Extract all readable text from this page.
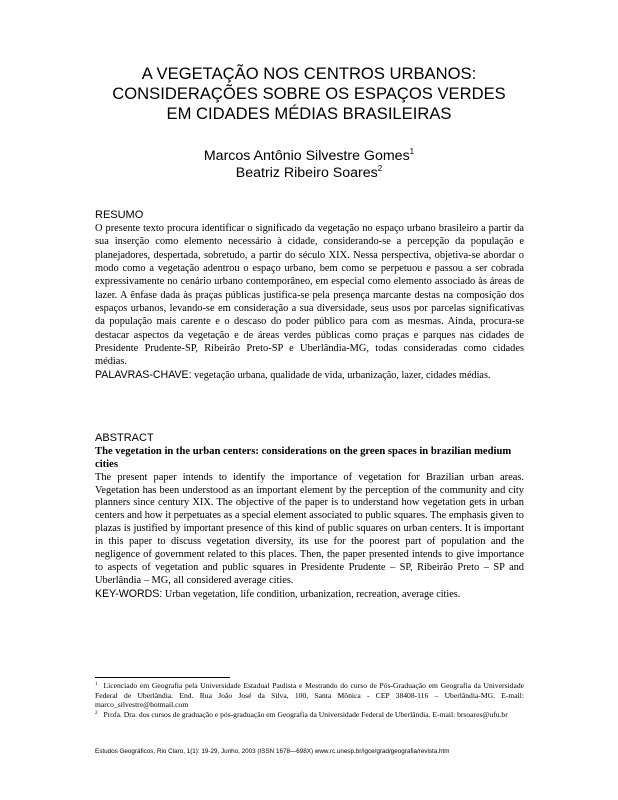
A VEGETAÇÃO NOS CENTROS URBANOS:
CONSIDERAÇÕES SOBRE OS ESPAÇOS VERDES
EM CIDADES MÉDIAS BRASILEIRAS
Marcos Antônio Silvestre Gomes$^1$
Beatriz Ribeiro Soares$^2$
RESUMO
O presente texto procura identificar o significado da vegetação no espaço urbano brasileiro a partir da sua inserção como elemento necessário à cidade, considerando-se a percepção da população e planejadores, despertada, sobretudo, a partir do século XIX. Nessa perspectiva, objetiva-se abordar o modo como a vegetação adentrou o espaço urbano, bem como se perpetuou e passou a ser cobrada expressivamente no cenário urbano contemporâneo, em especial como elemento associado às áreas de lazer. A ênfase dada às praças públicas justifica-se pela presença marcante destas na composição dos espaços urbanos, levando-se em consideração a sua diversidade, seus usos por parcelas significativas da população mais carente e o descaso do poder público para com as mesmas. Ainda, procura-se destacar aspectos da vegetação e de áreas verdes públicas como praças e parques nas cidades de Presidente Prudente-SP, Ribeirão Preto-SP e Uberlândia-MG, todas consideradas como cidades médias.
PALAVRAS-CHAVE: vegetação urbana, qualidade de vida, urbanização, lazer, cidades médias.
ABSTRACT
The vegetation in the urban centers: considerations on the green spaces in brazilian medium cities
The present paper intends to identify the importance of vegetation for Brazilian urban areas. Vegetation has been understood as an important element by the perception of the community and city planners since century XIX. The objective of the paper is to understand how vegetation gets in urban centers and how it perpetuates as a special element associated to public squares. The emphasis given to plazas is justified by important presence of this kind of public squares on urban centers. It is important in this paper to discuss vegetation diversity, its use for the poorest part of population and the negligence of government related to this places. Then, the paper presented intends to give importance to aspects of vegetation and public squares in Presidente Prudente – SP, Ribeirão Preto – SP and Uberlândia – MG, all considered average cities.
KEY-WORDS: Urban vegetation, life condition, urbanization, recreation, average cities.
$^1$ Licenciado em Geografia pela Universidade Estadual Paulista e Mestrando do curso de Pós-Graduação em Geografia da Universidade Federal de Uberlândia. End. Rua João José da Silva, 100, Santa Mônica - CEP 38408-116 – Uberlândia-MG. E-mail: marco_silvestre@hotmail.com
$^2$ Profa. Dra. dos cursos de graduação e pós-graduação em Geografia da Universidade Federal de Uberlândia. E-mail: brsoares@ufu.br
Estudos Geográficos, Rio Claro, 1(1): 19-29, Junho, 2003 (ISSN 1678—698X) www.rc.unesp.br/igce/grad/geografia/revista.htm
